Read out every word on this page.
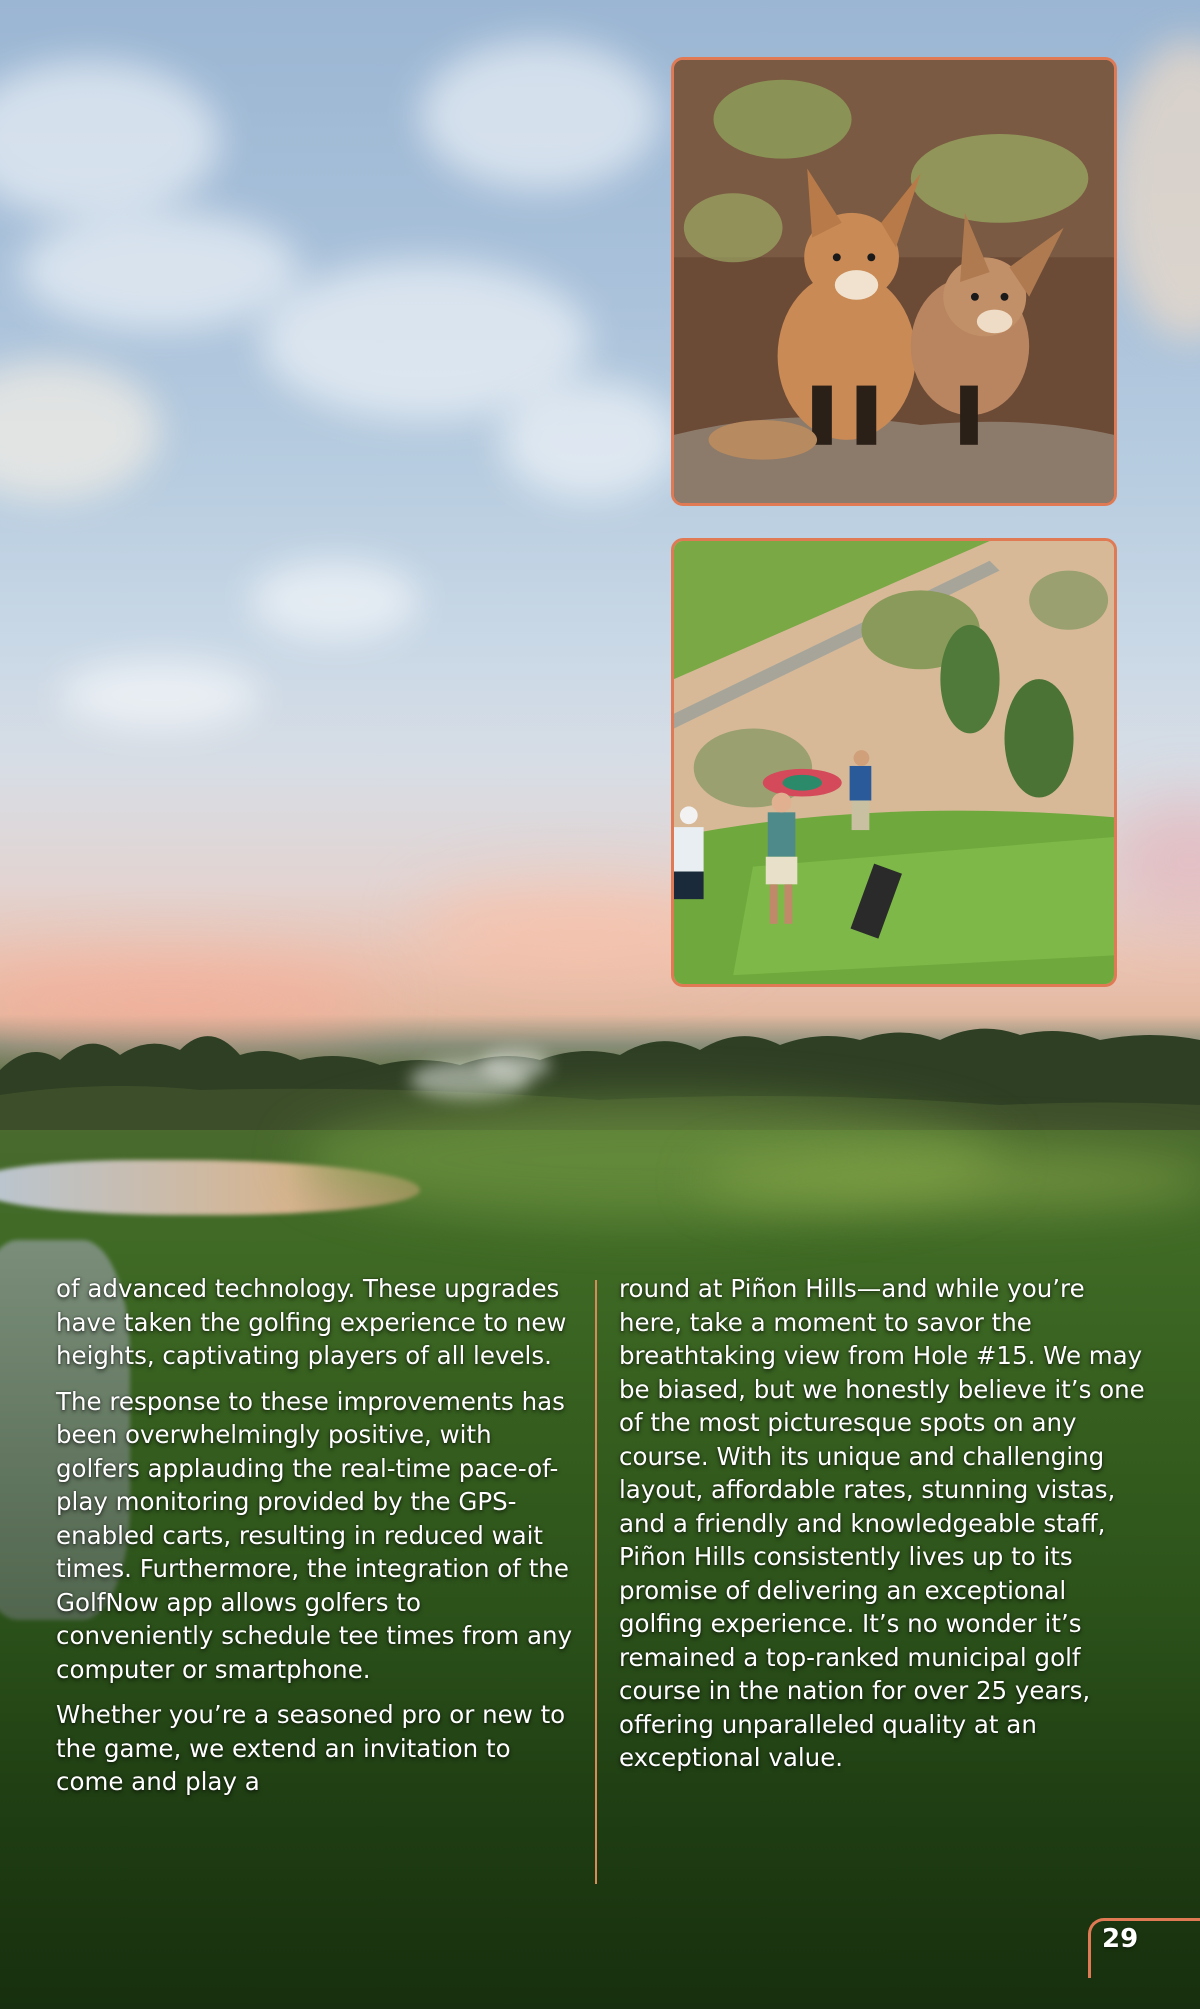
of advanced technology. These upgrades have taken the golfing experience to new heights, captivating players of all levels.

The response to these improvements has been overwhelmingly positive, with golfers applauding the real-time pace-of-play monitoring provided by the GPS-enabled carts, resulting in reduced wait times. Furthermore, the integration of the GolfNow app allows golfers to conveniently schedule tee times from any computer or smartphone.

Whether you’re a seasoned pro or new to the game, we extend an invitation to come and play a

round at Piñon Hills—and while you’re here, take a moment to savor the breathtaking view from Hole #15. We may be biased, but we honestly believe it’s one of the most picturesque spots on any course. With its unique and challenging layout, affordable rates, stunning vistas, and a friendly and knowledgeable staff, Piñon Hills consistently lives up to its promise of delivering an exceptional golfing experience. It’s no wonder it’s remained a top-ranked municipal golf course in the nation for over 25 years, offering unparalleled quality at an exceptional value.

29
